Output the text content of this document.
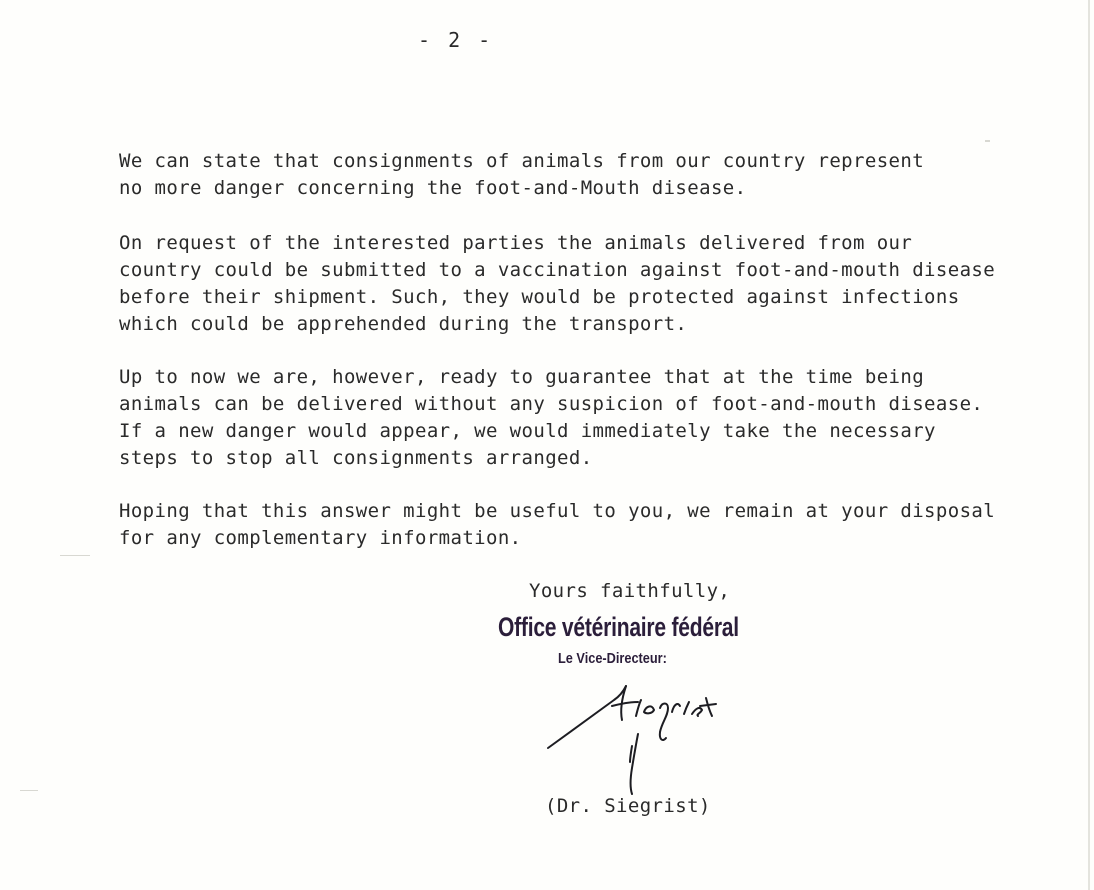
- 2 -
We can state that consignments of animals from our country represent
no more danger concerning the foot-and-Mouth disease.
On request of the interested parties the animals delivered from our
country could be submitted to a vaccination against foot-and-mouth disease
before their shipment. Such, they would be protected against infections
which could be apprehended during the transport.
Up to now we are, however, ready to guarantee that at the time being
animals can be delivered without any suspicion of foot-and-mouth disease.
If a new danger would appear, we would immediately take the necessary
steps to stop all consignments arranged.
Hoping that this answer might be useful to you, we remain at your disposal
for any complementary information.
Yours faithfully,
Office vétérinaire fédéral
Le Vice-Directeur:
(Dr. Siegrist)
